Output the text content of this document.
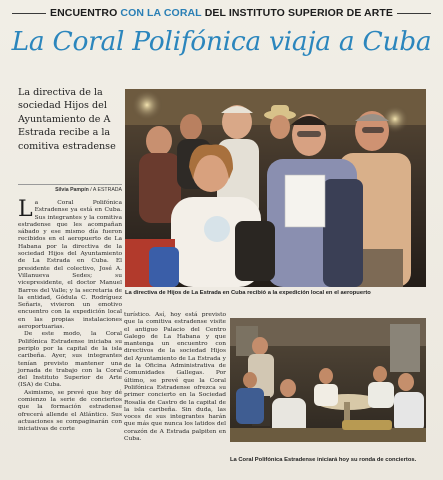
ENCUENTRO CON LA CORAL DEL INSTITUTO SUPERIOR DE ARTE
La Coral Polifónica viaja a Cuba
La directiva de la sociedad Hijos del Ayuntamiento de A Estrada recibe a la comitiva estradense
Silvia Pampín / A ESTRADA
La directiva de Hijos de La Estrada en Cuba recibió a la expedición local en el aeropuerto

La Coral Polifónica Estradense ya está en Cuba. Sus integrantes y la comitiva estradense que les acompañan sábado y ese mismo día fueron recibidos en el aeropuerto de La Habana por la directiva de la sociedad Hijos del Ayuntamiento de La Estrada en Cuba. El presidente del colectivo, José A. Villanueva Sedes; su vicepresidente, el doctor Manuel Barros del Valle; y la secretaria de la entidad, Gódula C. Rodríguez Señaris, vivieron un emotivo encuentro con la expedición local en las propias instalaciones aeroportuarias.

De este modo, la Coral Polifónica Estradense iniciaba su periplo por la capital de la isla caribeña. Ayer, sus integrantes tenían previsto mantener una jornada de trabajo con la Coral del Instituto Superior de Arte (ISA) de Cuba.

Asimismo, se prevé que hoy dé comienzo la serie de conciertos que la formación estradense ofrecerá allende el Atlántico. Sus actuaciones se compaginarán con iniciativas de corte

turístico. Así, hoy está previsto que la comitiva estradense visite el antiguo Palacio del Centro Galego de La Habana y que mantenga un encuentro con directivos de la sociedad Hijos del Ayuntamiento de La Estrada y de la Oficina Administrativa de Comunidades Gallegas. Por último, se prevé que la Coral Polifónica Estradense ofrezca su primer concierto en la Sociedad Rosalía de Castro de la capital de la isla caribeña. Sin duda, las voces de sus integrantes harán que más que nunca los latidos del corazón de A Estrada palpiten en Cuba.

La Coral Polifónica Estradense iniciará hoy su ronda de conciertos.
